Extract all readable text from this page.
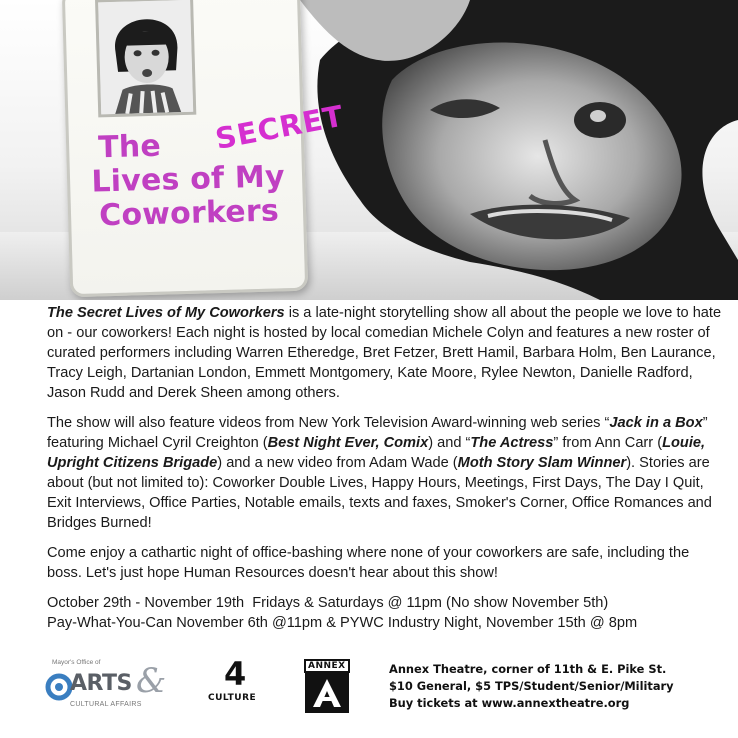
The
Lives of My
Coworkers
SECRET

The Secret Lives of My Coworkers is a late-night storytelling show all about the people we love to hate on - our coworkers! Each night is hosted by local comedian Michele Colyn and features a new roster of curated performers including Warren Etheredge, Bret Fetzer, Brett Hamil, Barbara Holm, Ben Laurance, Tracy Leigh, Dartanian London, Emmett Montgomery, Kate Moore, Rylee Newton, Danielle Radford, Jason Rudd and Derek Sheen among others.

The show will also feature videos from New York Television Award-winning web series “Jack in a Box” featuring Michael Cyril Creighton (Best Night Ever, Comix) and “The Actress” from Ann Carr (Louie, Upright Citizens Brigade) and a new video from Adam Wade (Moth Story Slam Winner). Stories are about (but not limited to): Coworker Double Lives, Happy Hours, Meetings, First Days, The Day I Quit, Exit Interviews, Office Parties, Notable emails, texts and faxes, Smoker's Corner, Office Romances and Bridges Burned!

Come enjoy a cathartic night of office-bashing where none of your coworkers are safe, including the boss. Let's just hope Human Resources doesn't hear about this show!

October 29th - November 19th  Fridays & Saturdays @ 11pm (No show November 5th)
Pay-What-You-Can November 6th @11pm & PYWC Industry Night, November 15th @ 8pm

Mayor's Office of
ARTS &
CULTURAL AFFAIRS
4
CULTURE
ANNEX	Annex Theatre, corner of 11th & E. Pike St.
$10 General, $5 TPS/Student/Senior/Military
Buy tickets at www.annextheatre.org
